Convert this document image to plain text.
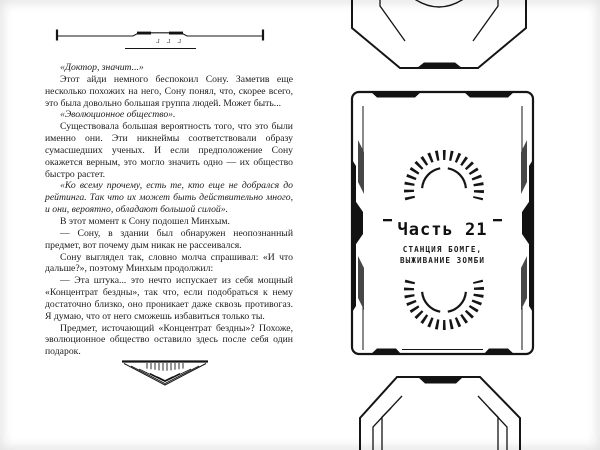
ɹ ɹ ɹ

«Доктор, значит...»

Этот айди немного беспокоил Сону. Заметив еще несколько похожих на него, Сону понял, что, скорее всего, это была довольно большая группа людей. Может быть...

«Эволюционное общество».

Существовала большая вероятность того, что это были именно они. Эти никнеймы соответствовали образу сумасшедших ученых. И если предположение Сону окажется верным, это могло значить одно — их общество быстро растет.

«Ко всему прочему, есть те, кто еще не добрался до рейтинга. Так что их может быть действительно много, и они, вероятно, обладают большой силой».

В этот момент к Сону подошел Минхым.

— Сону, в здании был обнаружен неопознанный предмет, вот почему дым никак не рассеивался.

Сону выглядел так, словно молча спрашивал: «И что дальше?», поэтому Минхым продолжил:

— Эта штука... это нечто испускает из себя мощный «Концентрат бездны», так что, если подобраться к нему достаточно близко, оно проникает даже сквозь противогаз. Я думаю, что от него сможешь избавиться только ты.

Предмет, источающий «Концентрат бездны»? Похоже, эволюционное общество оставило здесь после себя один подарок.

Часть 21
СТАНЦИЯ БОМГЕ,
ВЫЖИВАНИЕ ЗОМБИ
